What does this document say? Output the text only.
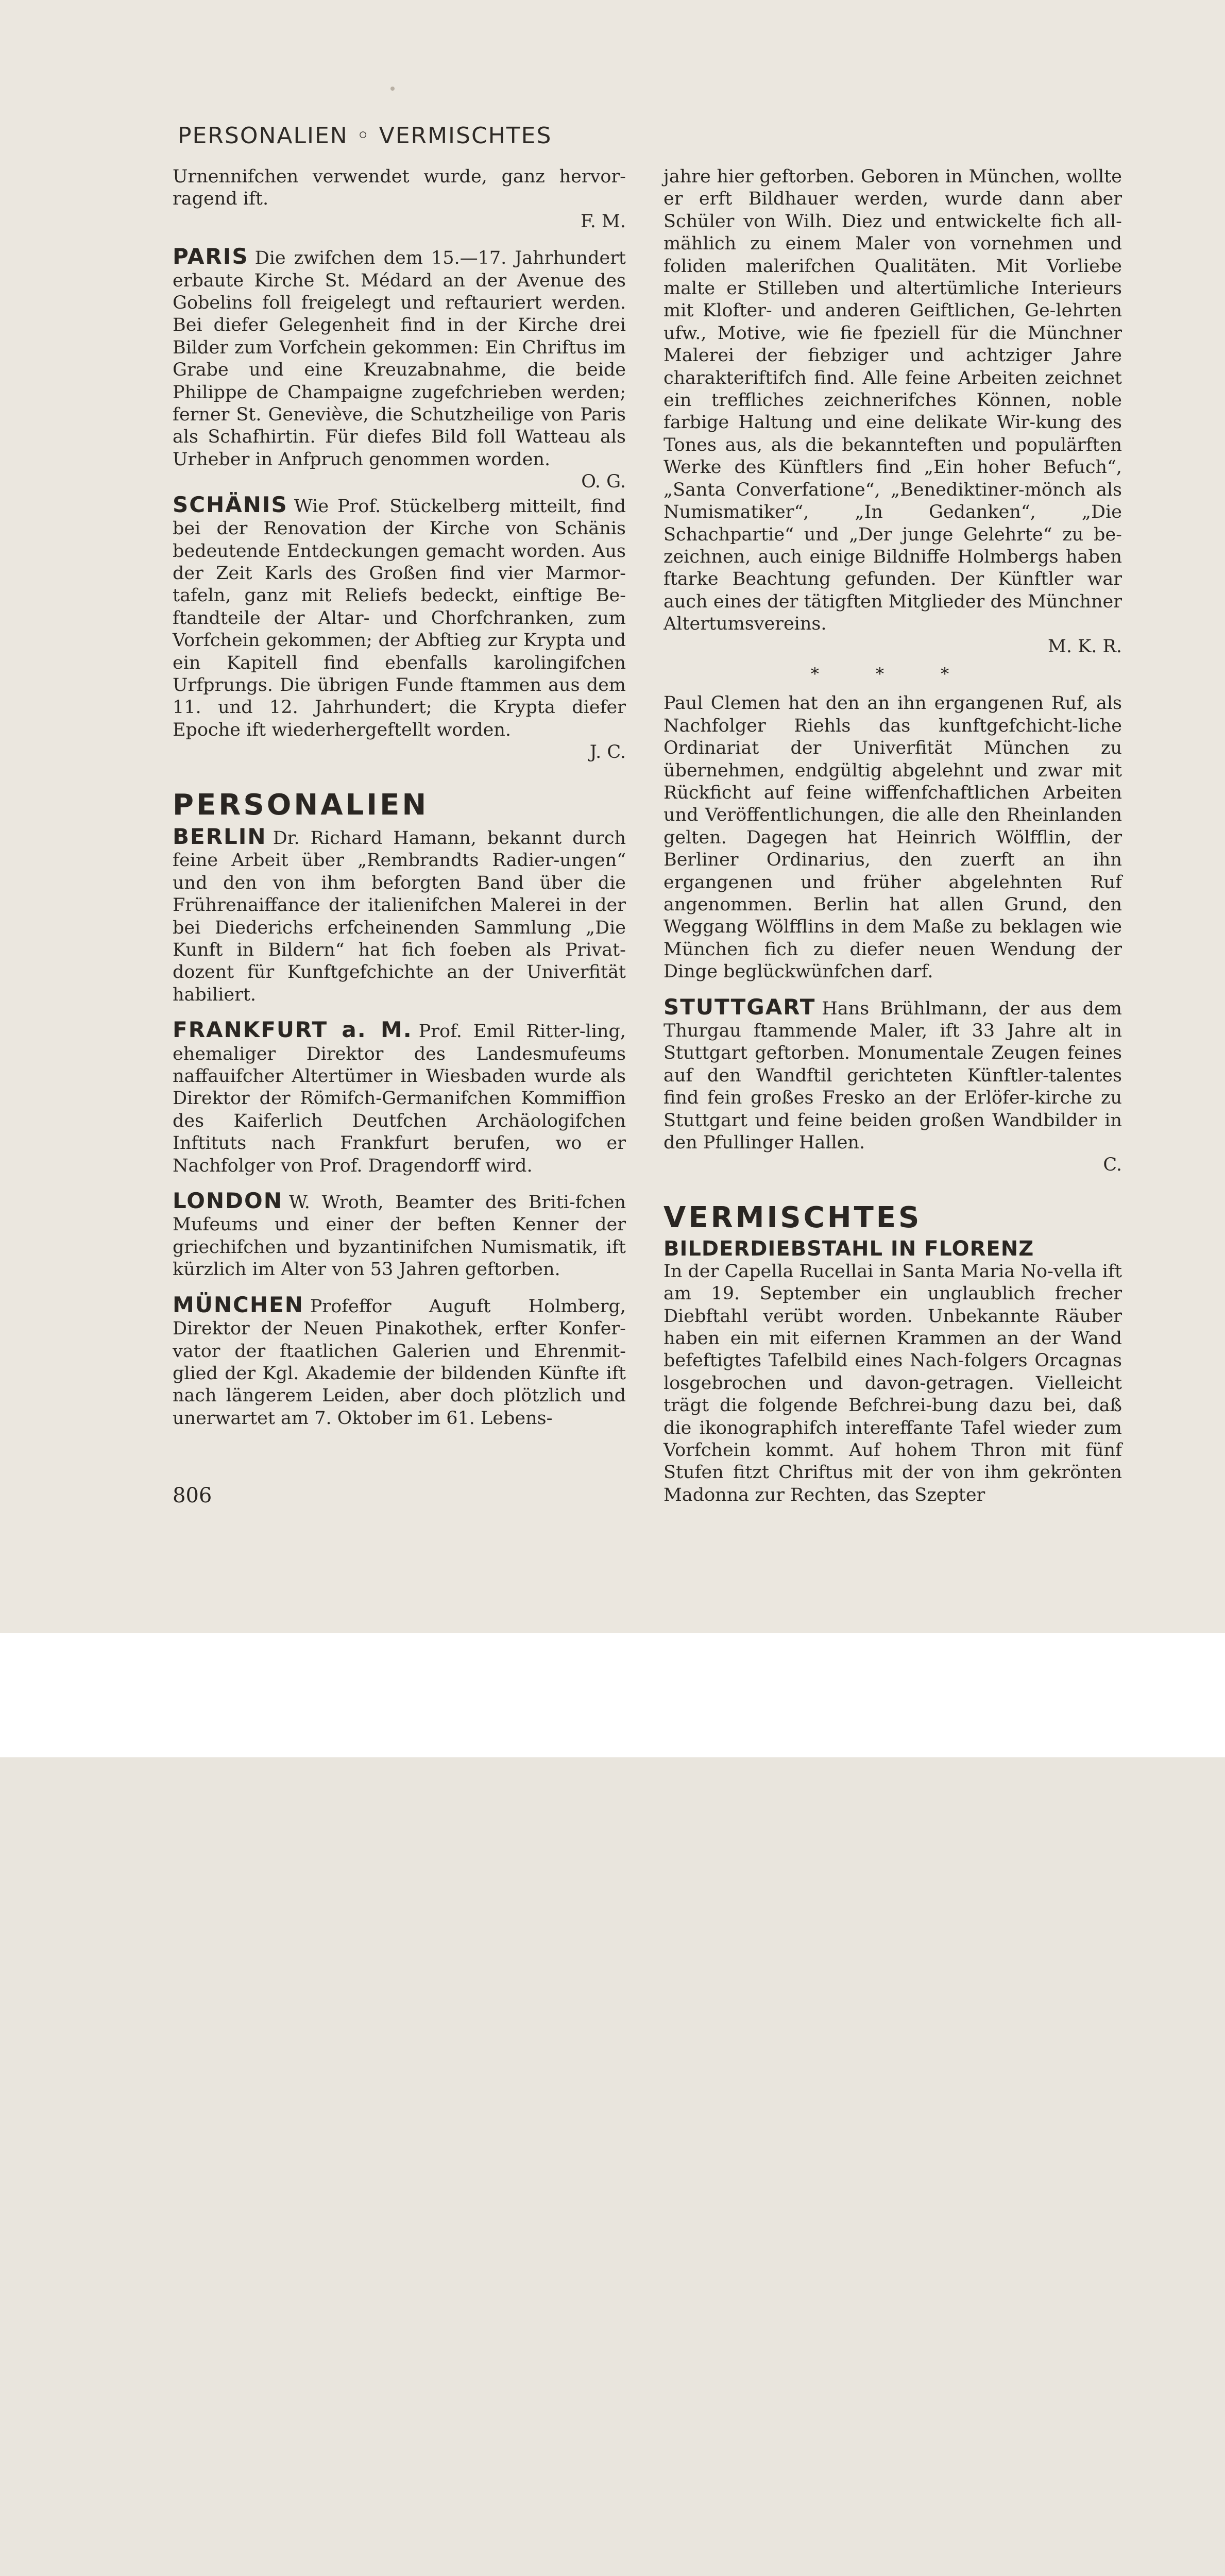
PERSONALIEN ◦ VERMISCHTES

Urnennifchen verwendet wurde, ganz hervor-ragend ift.
F. M.

PARIS Die zwifchen dem 15.—17. Jahrhundert erbaute Kirche St. Médard an der Avenue des Gobelins foll freigelegt und reftauriert werden. Bei diefer Gelegenheit find in der Kirche drei Bilder zum Vorfchein gekommen: Ein Chriftus im Grabe und eine Kreuzabnahme, die beide Philippe de Champaigne zugefchrieben werden; ferner St. Geneviève, die Schutzheilige von Paris als Schafhirtin. Für diefes Bild foll Watteau als Urheber in Anfpruch genommen worden.
O. G.

SCHÄNIS Wie Prof. Stückelberg mitteilt, find bei der Renovation der Kirche von Schänis bedeutende Entdeckungen gemacht worden. Aus der Zeit Karls des Großen find vier Marmor-tafeln, ganz mit Reliefs bedeckt, einftige Be-ftandteile der Altar- und Chorfchranken, zum Vorfchein gekommen; der Abftieg zur Krypta und ein Kapitell find ebenfalls karolingifchen Urfprungs. Die übrigen Funde ftammen aus dem 11. und 12. Jahrhundert; die Krypta diefer Epoche ift wiederhergeftellt worden.
J. C.

PERSONALIEN

BERLIN Dr. Richard Hamann, bekannt durch feine Arbeit über „Rembrandts Radier-ungen“ und den von ihm beforgten Band über die Frührenaiffance der italienifchen Malerei in der bei Diederichs erfcheinenden Sammlung „Die Kunft in Bildern“ hat fich foeben als Privat-dozent für Kunftgefchichte an der Univerfität habiliert.

FRANKFURT a. M. Prof. Emil Ritter-ling, ehemaliger Direktor des Landesmufeums naffauifcher Altertümer in Wiesbaden wurde als Direktor der Römifch-Germanifchen Kommiffion des Kaiferlich Deutfchen Archäologifchen Inftituts nach Frankfurt berufen, wo er Nachfolger von Prof. Dragendorff wird.

LONDON W. Wroth, Beamter des Briti-fchen Mufeums und einer der beften Kenner der griechifchen und byzantinifchen Numismatik, ift kürzlich im Alter von 53 Jahren geftorben.

MÜNCHEN Profeffor Auguft Holmberg, Direktor der Neuen Pinakothek, erfter Konfer-vator der ftaatlichen Galerien und Ehrenmit-glied der Kgl. Akademie der bildenden Künfte ift nach längerem Leiden, aber doch plötzlich und unerwartet am 7. Oktober im 61. Lebens-

jahre hier geftorben. Geboren in München, wollte er erft Bildhauer werden, wurde dann aber Schüler von Wilh. Diez und entwickelte fich all-mählich zu einem Maler von vornehmen und foliden malerifchen Qualitäten. Mit Vorliebe malte er Stilleben und altertümliche Interieurs mit Klofter- und anderen Geiftlichen, Ge-lehrten ufw., Motive, wie fie fpeziell für die Münchner Malerei der fiebziger und achtziger Jahre charakteriftifch find. Alle feine Arbeiten zeichnet ein treffliches zeichnerifches Können, noble farbige Haltung und eine delikate Wir-kung des Tones aus, als die bekannteften und populärften Werke des Künftlers find „Ein hoher Befuch“, „Santa Converfatione“, „Benediktiner-mönch als Numismatiker“, „In Gedanken“, „Die Schachpartie“ und „Der junge Gelehrte“ zu be-zeichnen, auch einige Bildniffe Holmbergs haben ftarke Beachtung gefunden. Der Künftler war auch eines der tätigften Mitglieder des Münchner Altertumsvereins.
M. K. R.

* * *

Paul Clemen hat den an ihn ergangenen Ruf, als Nachfolger Riehls das kunftgefchicht-liche Ordinariat der Univerfität München zu übernehmen, endgültig abgelehnt und zwar mit Rückficht auf feine wiffenfchaftlichen Arbeiten und Veröffentlichungen, die alle den Rheinlanden gelten. Dagegen hat Heinrich Wölfflin, der Berliner Ordinarius, den zuerft an ihn ergangenen und früher abgelehnten Ruf angenommen. Berlin hat allen Grund, den Weggang Wölfflins in dem Maße zu beklagen wie München fich zu diefer neuen Wendung der Dinge beglückwünfchen darf.

STUTTGART Hans Brühlmann, der aus dem Thurgau ftammende Maler, ift 33 Jahre alt in Stuttgart geftorben. Monumentale Zeugen feines auf den Wandftil gerichteten Künftler-talentes find fein großes Fresko an der Erlöfer-kirche zu Stuttgart und feine beiden großen Wandbilder in den Pfullinger Hallen.
C.

VERMISCHTES
BILDERDIEBSTAHL IN FLORENZ

In der Capella Rucellai in Santa Maria No-vella ift am 19. September ein unglaublich frecher Diebftahl verübt worden. Unbekannte Räuber haben ein mit eifernen Krammen an der Wand befeftigtes Tafelbild eines Nach-folgers Orcagnas losgebrochen und davon-getragen. Vielleicht trägt die folgende Befchrei-bung dazu bei, daß die ikonographifch intereffante Tafel wieder zum Vorfchein kommt. Auf hohem Thron mit fünf Stufen fitzt Chriftus mit der von ihm gekrönten Madonna zur Rechten, das Szepter

806
